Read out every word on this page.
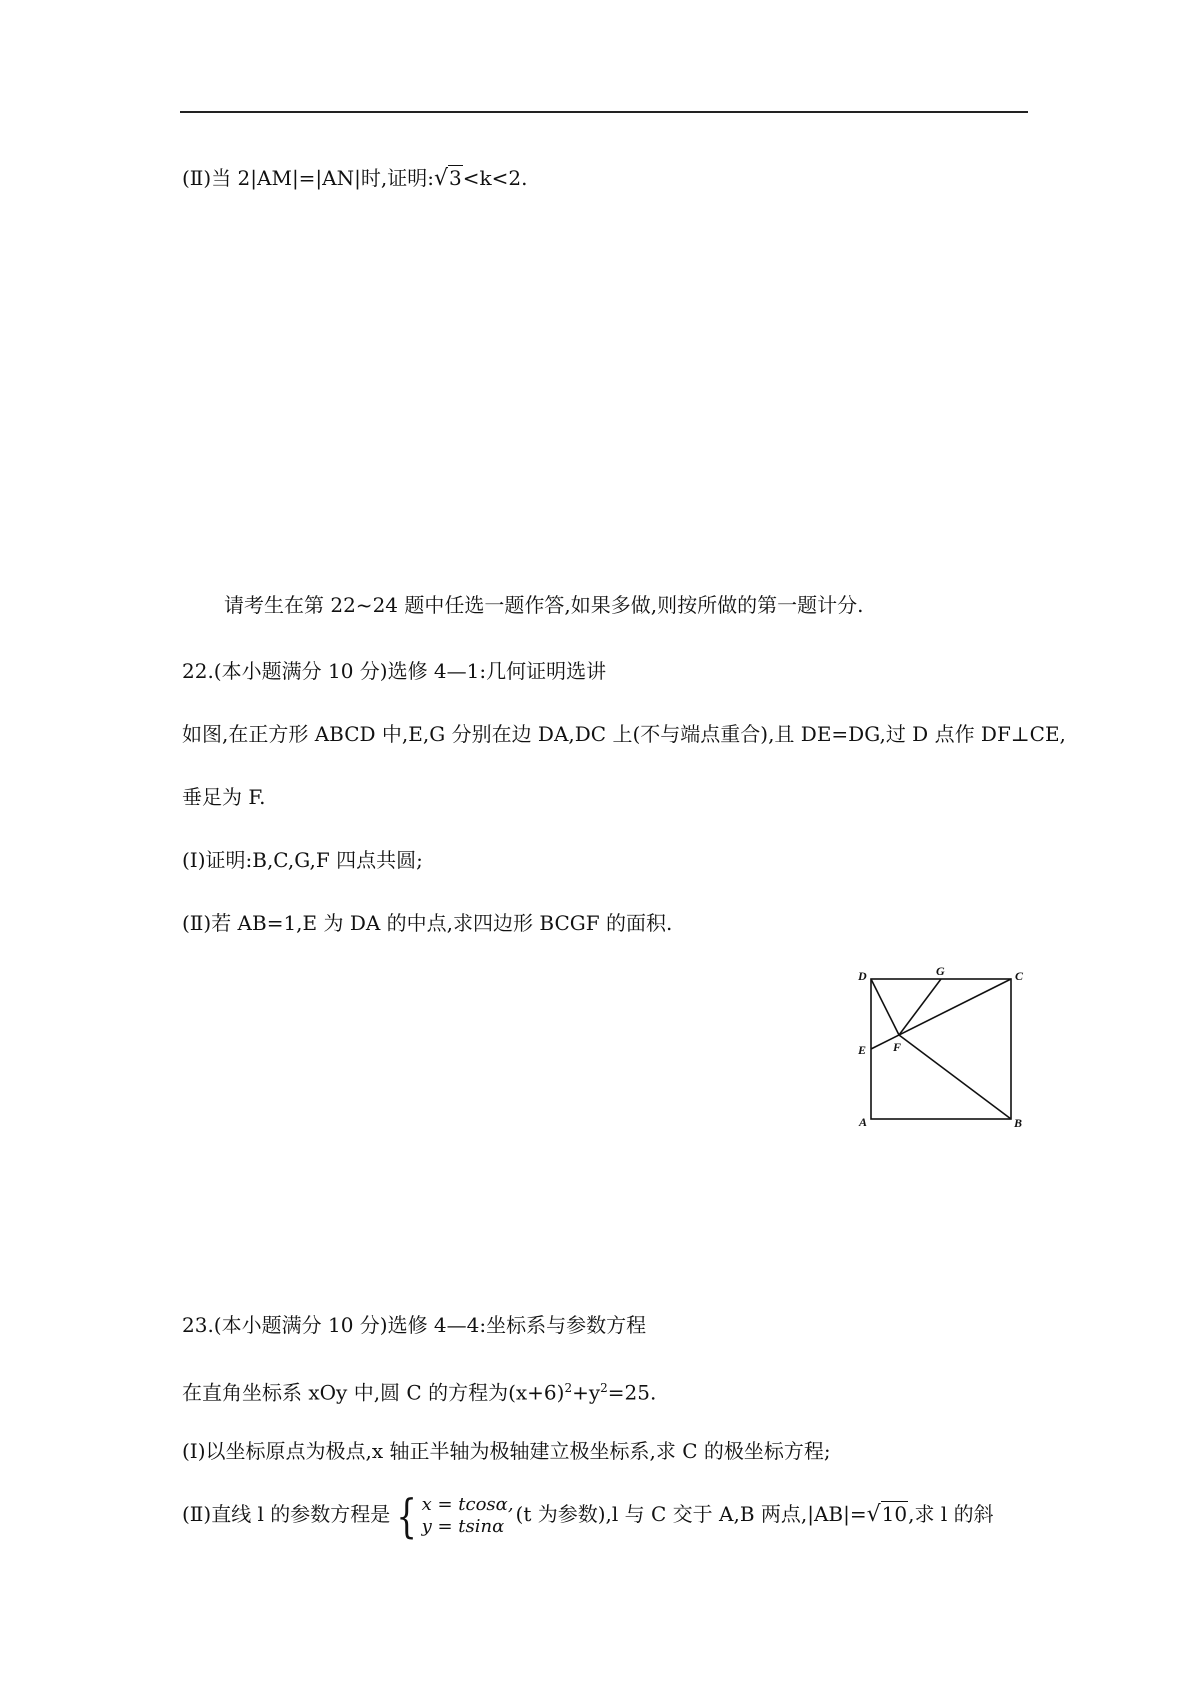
(Ⅱ)当 2|AM|=|AN|时,证明:√3<k<2.
请考生在第 22~24 题中任选一题作答,如果多做,则按所做的第一题计分.
22.(本小题满分 10 分)选修 4—1:几何证明选讲
如图,在正方形 ABCD 中,E,G 分别在边 DA,DC 上(不与端点重合),且 DE=DG,过 D 点作 DF⊥CE,
垂足为 F.
(Ⅰ)证明:B,C,G,F 四点共圆;
(Ⅱ)若 AB=1,E 为 DA 的中点,求四边形 BCGF 的面积.
D	G	C
E F
A	B
23.(本小题满分 10 分)选修 4—4:坐标系与参数方程
在直角坐标系 xOy 中,圆 C 的方程为$(x+6)^2+y^2=25$.
(Ⅰ)以坐标原点为极点,x 轴正半轴为极轴建立极坐标系,求 C 的极坐标方程;
(Ⅱ)直线 l 的参数方程是 { x = tcosα,
y = tsinα (t 为参数),l 与 C 交于 A,B 两点,|AB|=√10,求 l 的斜
